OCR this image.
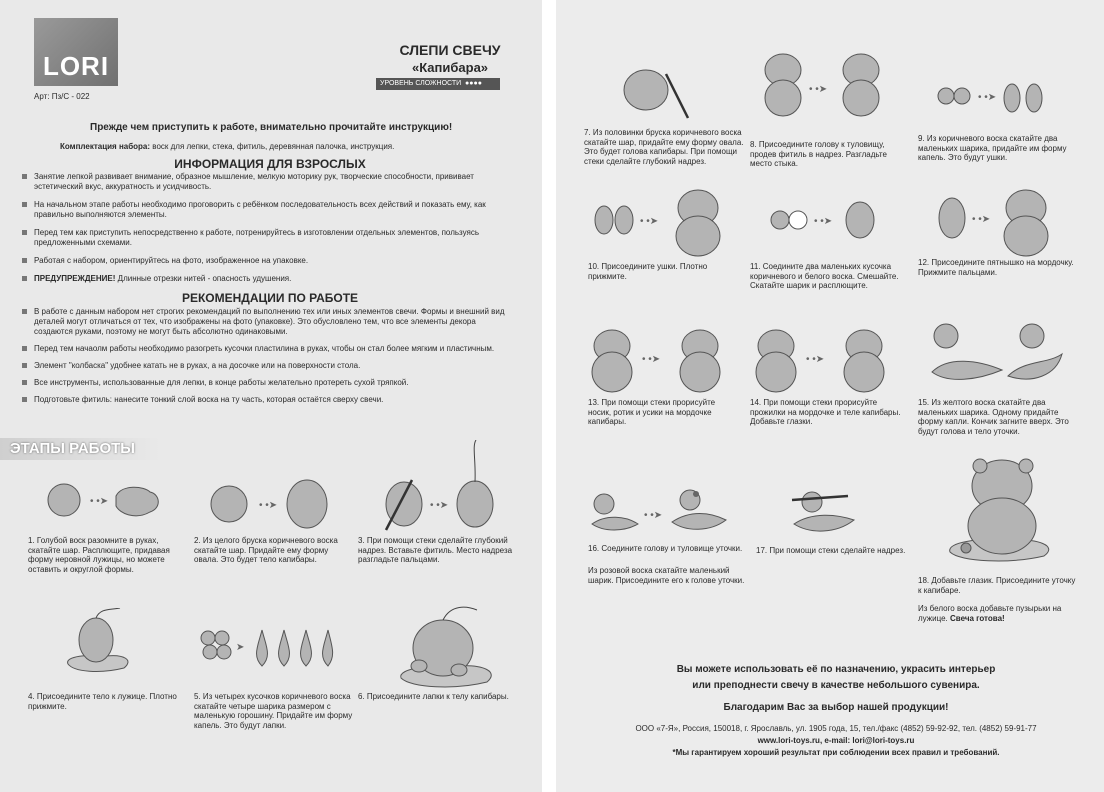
LORI
Арт: Пз/С - 022
СЛЕПИ СВЕЧУ
«Капибара»
УРОВЕНЬ СЛОЖНОСТИ  ●●●●
Прежде чем приступить к работе, внимательно прочитайте инструкцию!
Комплектация набора: воск для лепки, стека, фитиль, деревянная палочка, инструкция.
ИНФОРМАЦИЯ ДЛЯ ВЗРОСЛЫХ
Занятие лепкой развивает внимание, образное мышление, мелкую моторику рук, творческие способности, прививает эстетический вкус, аккуратность и усидчивость.
На начальном этапе работы необходимо проговорить с ребёнком последовательность всех действий и показать ему, как правильно выполняются элементы.
Перед тем как приступить непосредственно к работе, потренируйтесь в изготовлении отдельных элементов, пользуясь предложенными схемами.
Работая с набором, ориентируйтесь на фото, изображенное на упаковке.
ПРЕДУПРЕЖДЕНИЕ! Длинные отрезки нитей - опасность удушения.
РЕКОМЕНДАЦИИ ПО РАБОТЕ
В работе с данным набором нет строгих рекомендаций по выполнению тех или иных элементов свечи. Формы и внешний вид деталей могут отличаться от тех, что изображены на фото (упаковке). Это обусловлено тем, что все элементы декора создаются руками, поэтому не могут быть абсолютно одинаковыми.
Перед тем начаолм работы необходимо разогреть кусочки пластилина в руках, чтобы он стал более мягким и пластичным.
Элемент "колбаска" удобнее катать не в руках, а на досочке или на поверхности стола.
Все инструменты, использованные для лепки, в конце работы желательно протереть сухой тряпкой.
Подготовьте фитиль: нанесите тонкий слой воска на ту часть, которая остаётся сверху свечи.
ЭТАПЫ РАБОТЫ
• •➤	• •➤	• •➤
➤
1. Голубой воск разомните в руках, скатайте шар. Расплющите, придавая форму неровной лужицы, но можете оставить и округлой формы.
2. Из целого бруска коричневого воска скатайте шар. Придайте ему форму овала. Это будет тело капибары.
3. При помощи стеки сделайте глубокий надрез. Вставьте фитиль. Место надреза разгладьте пальцами.
4. Присоедините тело к лужице. Плотно прижмите.
5. Из четырех кусочков коричневого воска скатайте четыре шарика размером с маленькую горошину. Придайте им форму капель. Это будут лапки.
6. Присоедините лапки к телу капибары.
• •➤
• •➤
7. Из половинки бруска коричневого воска скатайте шар, придайте ему форму овала. Это будет голова капибары. При помощи стеки сделайте глубокий надрез.
8. Присоедините голову к туловищу, продев фитиль в надрез. Разгладьте место стыка.
9. Из коричневого воска скатайте два маленьких шарика, придайте им форму капель. Это будут ушки.
• •➤	• •➤	• •➤
10. Присоедините ушки. Плотно прижмите.
11. Соедините два маленьких кусочка коричневого и белого воска. Смешайте. Скатайте шарик и расплющите.
12. Присоедините пятнышко на мордочку. Прижмите пальцами.
• •➤	• •➤
13. При помощи стеки прорисуйте носик, ротик и усики на мордочке капибары.
14. При помощи стеки прорисуйте прожилки на мордочке и теле капибары. Добавьте глазки.
15. Из желтого воска скатайте два маленьких шарика. Одному придайте форму капли. Кончик загните вверх. Это будут голова и тело уточки.
• •➤
16. Соедините голову и туловище уточки.
Из розовой воска скатайте маленький шарик. Присоедините его к голове уточки.
17. При помощи стеки сделайте надрез.
18. Добавьте глазик. Присоедините уточку к капибаре.
Из белого воска добавьте пузырьки на лужице. Свеча готова!
Вы можете использовать её по назначению, украсить интерьер
или преподнести свечу в качестве небольшого сувенира.
Благодарим Вас за выбор нашей продукции!
ООО «7-Я», Россия, 150018, г. Ярославль, ул. 1905 года, 15, тел./факс (4852) 59-92-92, тел. (4852) 59-91-77
www.lori-toys.ru, e-mail: lori@lori-toys.ru
*Мы гарантируем хороший результат при соблюдении всех правил и требований.
